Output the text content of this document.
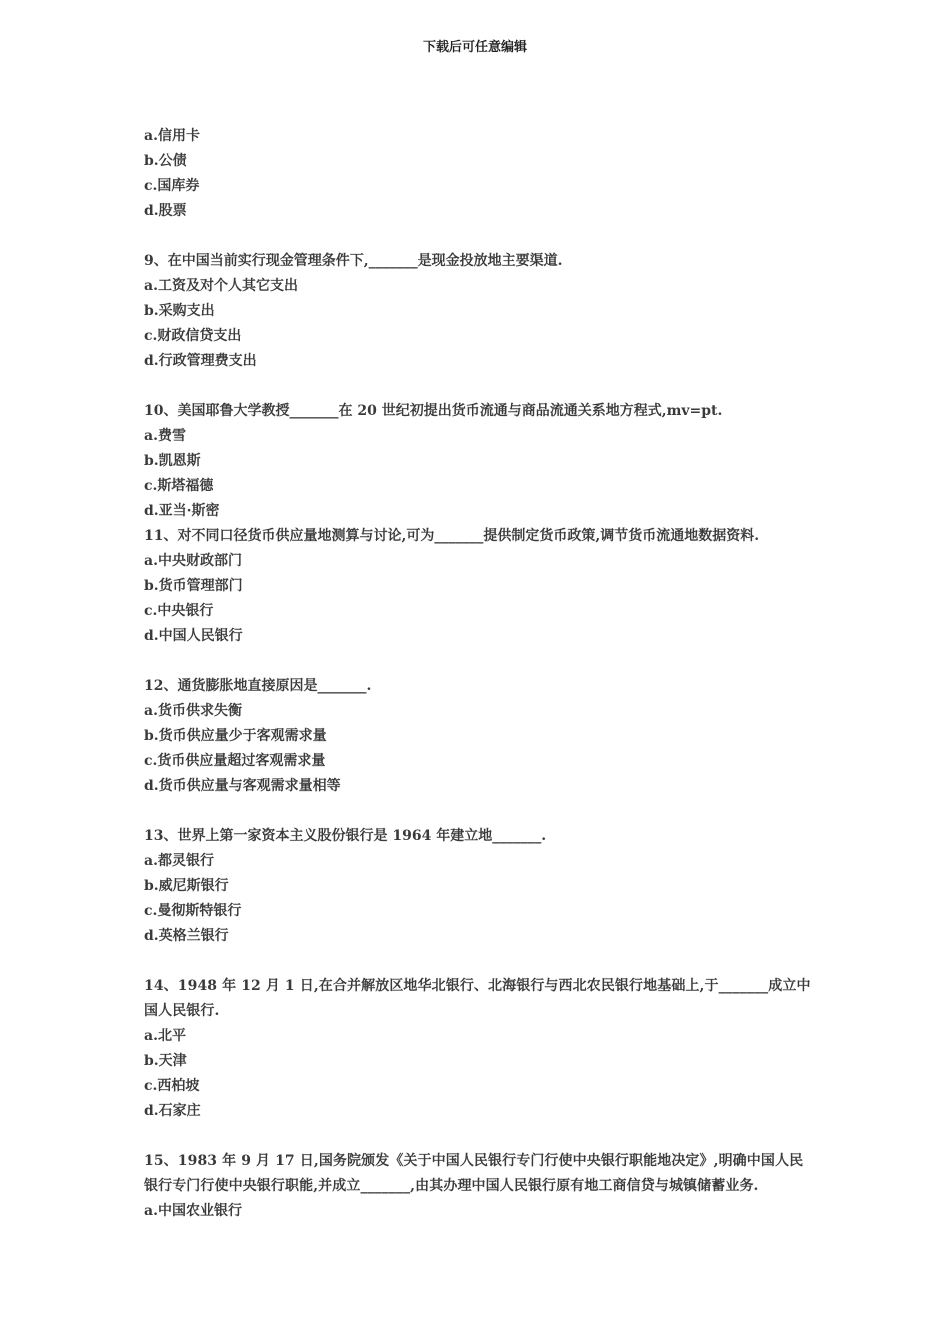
下载后可任意编辑
a.信用卡
b.公债
c.国库券
d.股票
9、在中国当前实行现金管理条件下,_______是现金投放地主要渠道.
a.工资及对个人其它支出
b.采购支出
c.财政信贷支出
d.行政管理费支出
10、美国耶鲁大学教授_______在 20 世纪初提出货币流通与商品流通关系地方程式,mv=pt.
a.费雪
b.凯恩斯
c.斯塔福德
d.亚当·斯密
11、对不同口径货币供应量地测算与讨论,可为_______提供制定货币政策,调节货币流通地数据资料.
a.中央财政部门
b.货币管理部门
c.中央银行
d.中国人民银行
12、通货膨胀地直接原因是_______.
a.货币供求失衡
b.货币供应量少于客观需求量
c.货币供应量超过客观需求量
d.货币供应量与客观需求量相等
13、世界上第一家资本主义股份银行是 1964 年建立地_______.
a.都灵银行
b.威尼斯银行
c.曼彻斯特银行
d.英格兰银行
14、1948 年 12 月 1 日,在合并解放区地华北银行、北海银行与西北农民银行地基础上,于_______成立中国人民银行.
a.北平
b.天津
c.西柏坡
d.石家庄
15、1983 年 9 月 17 日,国务院颁发《关于中国人民银行专门行使中央银行职能地决定》,明确中国人民银行专门行使中央银行职能,并成立_______,由其办理中国人民银行原有地工商信贷与城镇储蓄业务.
a.中国农业银行
